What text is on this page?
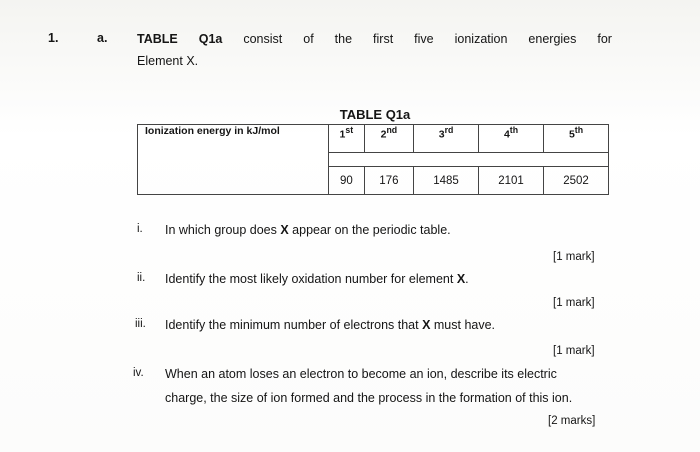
1.	a. TABLE Q1a consist of the first five ionization energies for
Element X.
TABLE Q1a
Ionization energy in kJ/mol	1st	2nd	3rd	4th	5th

	90	176	1485	2101	2502
i. In which group does X appear on the periodic table.
[1 mark]
ii. Identify the most likely oxidation number for element X.
[1 mark]
iii. Identify the minimum number of electrons that X must have.
[1 mark]
iv. When an atom loses an electron to become an ion, describe its electric
charge, the size of ion formed and the process in the formation of this ion.
[2 marks]
